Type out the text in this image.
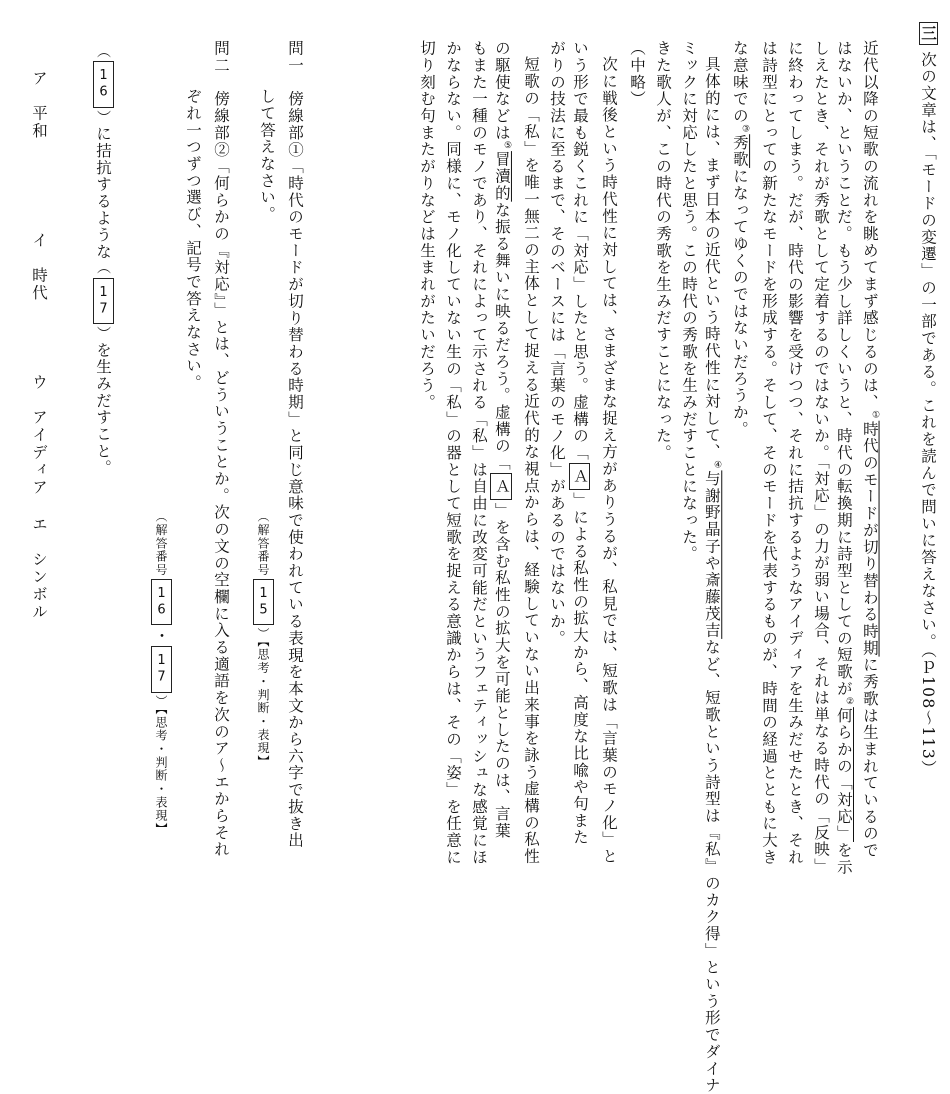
三 次の文章は、「モードの変遷」の一部である。これを読んで問いに答えなさい。（ｐ108～113）
近代以降の短歌の流れを眺めてまず感じるのは、①時代のモードが切り替わる時期に秀歌は生まれているので
はないか、ということだ。もう少し詳しくいうと、時代の転換期に詩型としての短歌が②何らかの「対応」を示
しえたとき、それが秀歌として定着するのではないか。「対応」の力が弱い場合、それは単なる時代の「反映」
に終わってしまう。だが、時代の影響を受けつつ、それに拮抗するようなアイディアを生みだせたとき、それ
は詩型にとっての新たなモードを形成する。そして、そのモードを代表するものが、時間の経過とともに大き
な意味での③秀歌になってゆくのではないだろうか。
具体的には、まず日本の近代という時代性に対して、④与謝野晶子や斎藤茂吉など、短歌という詩型は『私』のカク得」という形でダイナ
ミックに対応したと思う。この時代の秀歌を生みだすことになった。
きた歌人が、この時代の秀歌を生みだすことになった。
（中略）
次に戦後という時代性に対しては、さまざまな捉え方がありうるが、私見では、短歌は「言葉のモノ化」と
いう形で最も鋭くこれに「対応」したと思う。虚構の「Ａ」による私性の拡大から、高度な比喩や句また
がりの技法に至るまで、そのベースには「言葉のモノ化」があるのではないか。
短歌の「私」を唯一無二の主体として捉える近代的な視点からは、経験していない出来事を詠う虚構の私性
の駆使などは⑤冒瀆的な振る舞いに映るだろう。虚構の「Ａ」を含む私性の拡大を可能としたのは、言葉
もまた一種のモノであり、それによって示される「私」は自由に改変可能だというフェティッシュな感覚にほ
かならない。同様に、モノ化していない生の「私」の器として短歌を捉える意識からは、その「姿」を任意に
切り刻む句またがりなどは生まれがたいだろう。
問一　傍線部①「時代のモードが切り替わる時期」と同じ意味で使われている表現を本文から六字で抜き出
して答えなさい。
（解答番号15）【思考・判断・表現】
問二　傍線部②「何らかの『対応』」とは、どういうことか。次の文の空欄に入る適語を次のア～エからそれ
ぞれ一つずつ選び、記号で答えなさい。
（解答番号16・17）【思考・判断・表現】
︵16︶に拮抗するような︵17︶を生みだすこと。
ア　平和
イ　時代
ウ　アイディア
エ　シンボル
